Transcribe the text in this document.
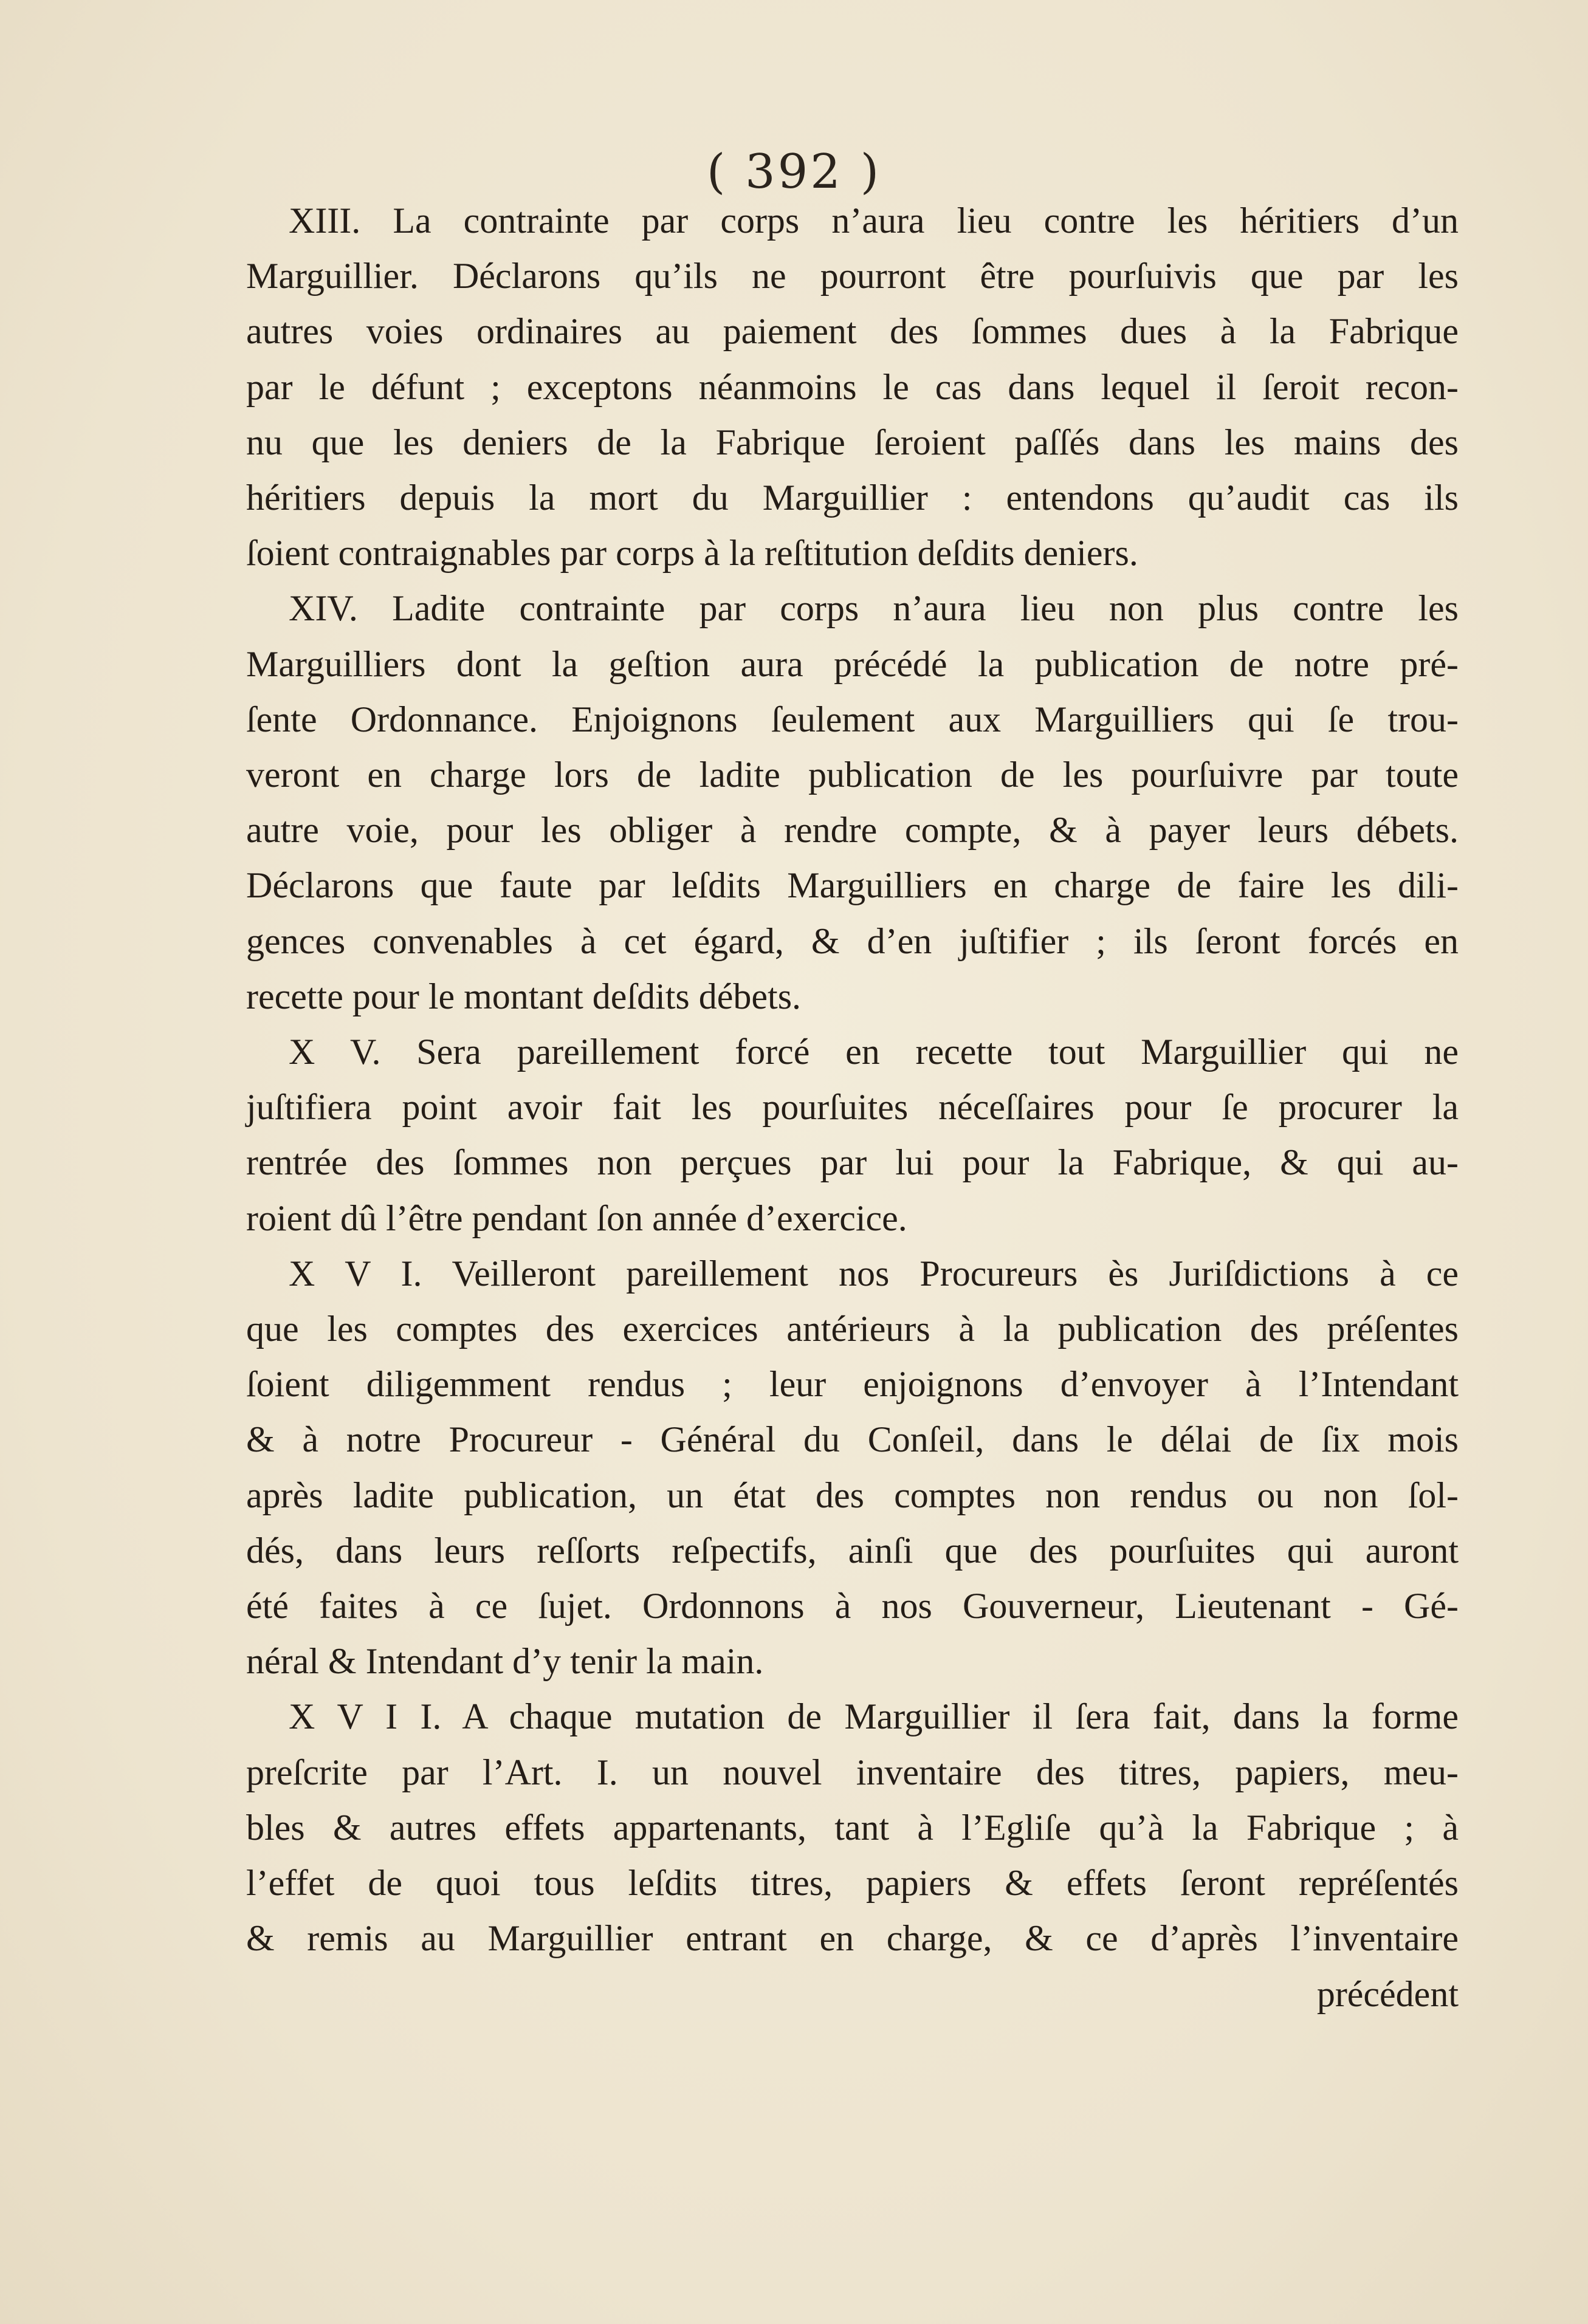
( 392 )
XIII. La contrainte par corps n’aura lieu contre les héritiers d’un
Marguillier. Déclarons qu’ils ne pourront être pourſuivis que par les
autres voies ordinaires au paiement des ſommes dues à la Fabrique
par le défunt ; exceptons néanmoins le cas dans lequel il ſeroit recon-
nu que les deniers de la Fabrique ſeroient paſſés dans les mains des
héritiers depuis la mort du Marguillier : entendons qu’audit cas ils
ſoient contraignables par corps à la reſtitution deſdits deniers.
XIV. Ladite contrainte par corps n’aura lieu non plus contre les
Marguilliers dont la geſtion aura précédé la publication de notre pré-
ſente Ordonnance. Enjoignons ſeulement aux Marguilliers qui ſe trou-
veront en charge lors de ladite publication de les pourſuivre par toute
autre voie, pour les obliger à rendre compte, & à payer leurs débets.
Déclarons que faute par leſdits Marguilliers en charge de faire les dili-
gences convenables à cet égard, & d’en juſtifier ; ils ſeront forcés en
recette pour le montant deſdits débets.
X V. Sera pareillement forcé en recette tout Marguillier qui ne
juſtifiera point avoir fait les pourſuites néceſſaires pour ſe procurer la
rentrée des ſommes non perçues par lui pour la Fabrique, & qui au-
roient dû l’être pendant ſon année d’exercice.
X V I. Veilleront pareillement nos Procureurs ès Juriſdictions à ce
que les comptes des exercices antérieurs à la publication des préſentes
ſoient diligemment rendus ; leur enjoignons d’envoyer à l’Intendant
& à notre Procureur - Général du Conſeil, dans le délai de ſix mois
après ladite publication, un état des comptes non rendus ou non ſol-
dés, dans leurs reſſorts reſpectifs, ainſi que des pourſuites qui auront
été faites à ce ſujet. Ordonnons à nos Gouverneur, Lieutenant - Gé-
néral & Intendant d’y tenir la main.
X V I I. A chaque mutation de Marguillier il ſera fait, dans la forme
preſcrite par l’Art. I. un nouvel inventaire des titres, papiers, meu-
bles & autres effets appartenants, tant à l’Egliſe qu’à la Fabrique ; à
l’effet de quoi tous leſdits titres, papiers & effets ſeront repréſentés
& remis au Marguillier entrant en charge, & ce d’après l’inventaire
précédent
